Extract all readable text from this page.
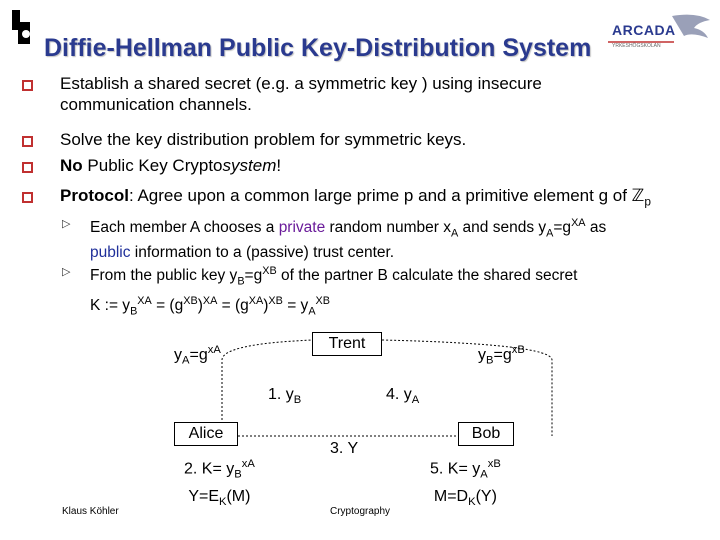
Diffie-Hellman Public Key-Distribution System
ARCADA
YRKESHÖGSKOLAN
Establish a shared secret (e.g. a symmetric key ) using insecure
communication channels.
Solve the key distribution problem for symmetric keys.
No Public Key Cryptosystem!
Protocol: Agree upon a common large prime p and a primitive element g of ℤ$_p$
▷ Each member A chooses a private random number $x_A$ and sends $y_A=g^{XA}$ as
public information to a (passive) trust center.
▷ From the public key $y_B=g^{XB}$ of the partner B calculate the shared secret
K := $y_B^{XA} = (g^{XB})^{XA} = (g^{XA})^{XB} = y_A^{XB}$
Trent
Alice	Bob
$y_A=g^{xA}$	$y_B=g^{xB}$
1. $y_B$	4. $y_A$
3. Y
2. $K= y_B^{xA}$
$Y=E_K(M)$
5. $K= y_A^{xB}$
$M=D_K(Y)$
Klaus Köhler	Cryptography
